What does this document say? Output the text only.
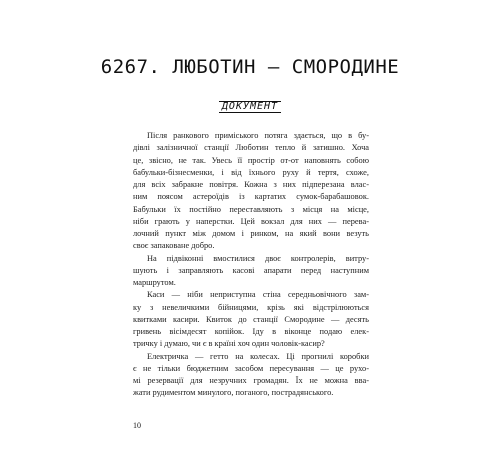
6267. ЛЮБОТИН — СМОРОДИНЕ
ДОКУМЕНТ
Після ранкового приміського потяга здається, що в бу-
дівлі залізничної станції Люботин тепло й затишно. Хоча
це, звісно, не так. Увесь її простір от-от наповнять собою
бабульки-бізнесменки, і від їхнього руху й тертя, схоже,
для всіх забракне повітря. Кожна з них підперезана влас-
ним поясом астероїдів із картатих сумок-барабашовок.
Бабульки їх постійно переставляють з місця на місце,
ніби грають у наперстки. Цей вокзал для них — перева-
лочний пункт між домом і ринком, на який вони везуть
своє запаковане добро.
На підвіконні вмостилися двоє контролерів, витру-
шують і заправляють касові апарати перед наступним
маршрутом.
Каси — ніби неприступна стіна середньовічного зам-
ку з невеличкими бійницями, крізь які відстрілюються
квитками касири. Квиток до станції Смородине — десять
гривень вісімдесят копійок. Іду в віконце подаю елек-
тричку і думаю, чи є в країні хоч один чоловік-касир?
Електричка — гетто на колесах. Ці прогнилі коробки
є не тільки бюджетним засобом пересування — це рухо-
мі резервації для незручних громадян. Їх не можна вва-
жати рудиментом минулого, поганого, пострадянського.
10
